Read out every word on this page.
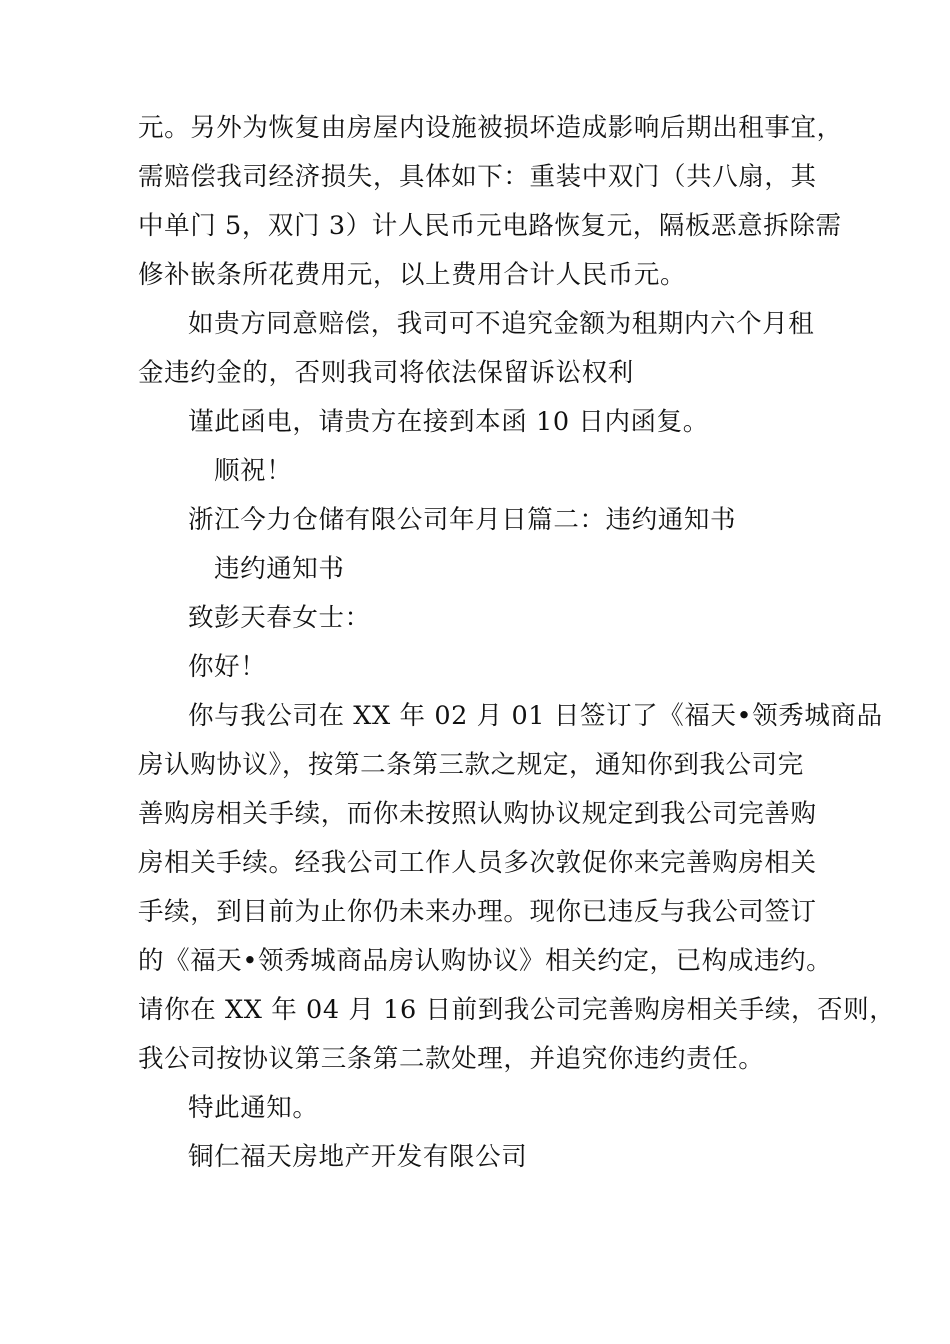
元。另外为恢复由房屋内设施被损坏造成影响后期出租事宜，
需赔偿我司经济损失，具体如下：重装中双门（共八扇，其
中单门 5，双门 3）计人民币元电路恢复元，隔板恶意拆除需
修补嵌条所花费用元，以上费用合计人民币元。
如贵方同意赔偿，我司可不追究金额为租期内六个月租
金违约金的，否则我司将依法保留诉讼权利
谨此函电，请贵方在接到本函 10 日内函复。
顺祝！
浙江今力仓储有限公司年月日篇二：违约通知书
违约通知书
致彭天春女士：
你好！
你与我公司在 XX 年 02 月 01 日签订了《福天•领秀城商品
房认购协议》，按第二条第三款之规定，通知你到我公司完
善购房相关手续，而你未按照认购协议规定到我公司完善购
房相关手续。经我公司工作人员多次敦促你来完善购房相关
手续，到目前为止你仍未来办理。现你已违反与我公司签订
的《福天•领秀城商品房认购协议》相关约定，已构成违约。
请你在 XX 年 04 月 16 日前到我公司完善购房相关手续，否则，
我公司按协议第三条第二款处理，并追究你违约责任。
特此通知。
铜仁福天房地产开发有限公司
